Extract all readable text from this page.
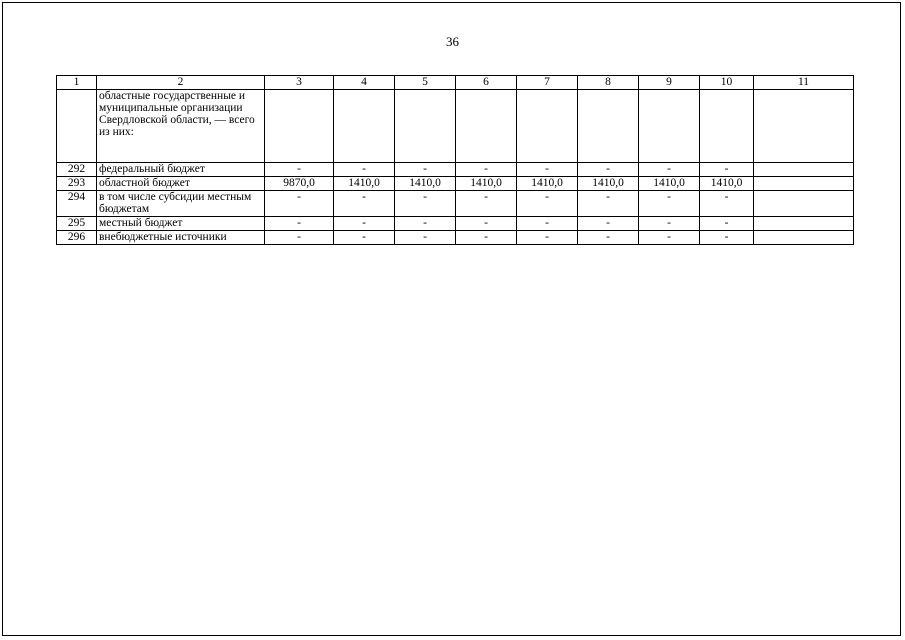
36
1	2	3	4	5	6	7	8	9	10	11
	областные государственные и муниципальные организации Свердловской области, — всего из них:									
292	федеральный бюджет	-	-	-	-	-	-	-	-	
293	областной бюджет	9870,0	1410,0	1410,0	1410,0	1410,0	1410,0	1410,0	1410,0	
294	в том числе субсидии местным бюджетам	-	-	-	-	-	-	-	-	
295	местный бюджет	-	-	-	-	-	-	-	-	
296	внебюджетные источники	-	-	-	-	-	-	-	-	
